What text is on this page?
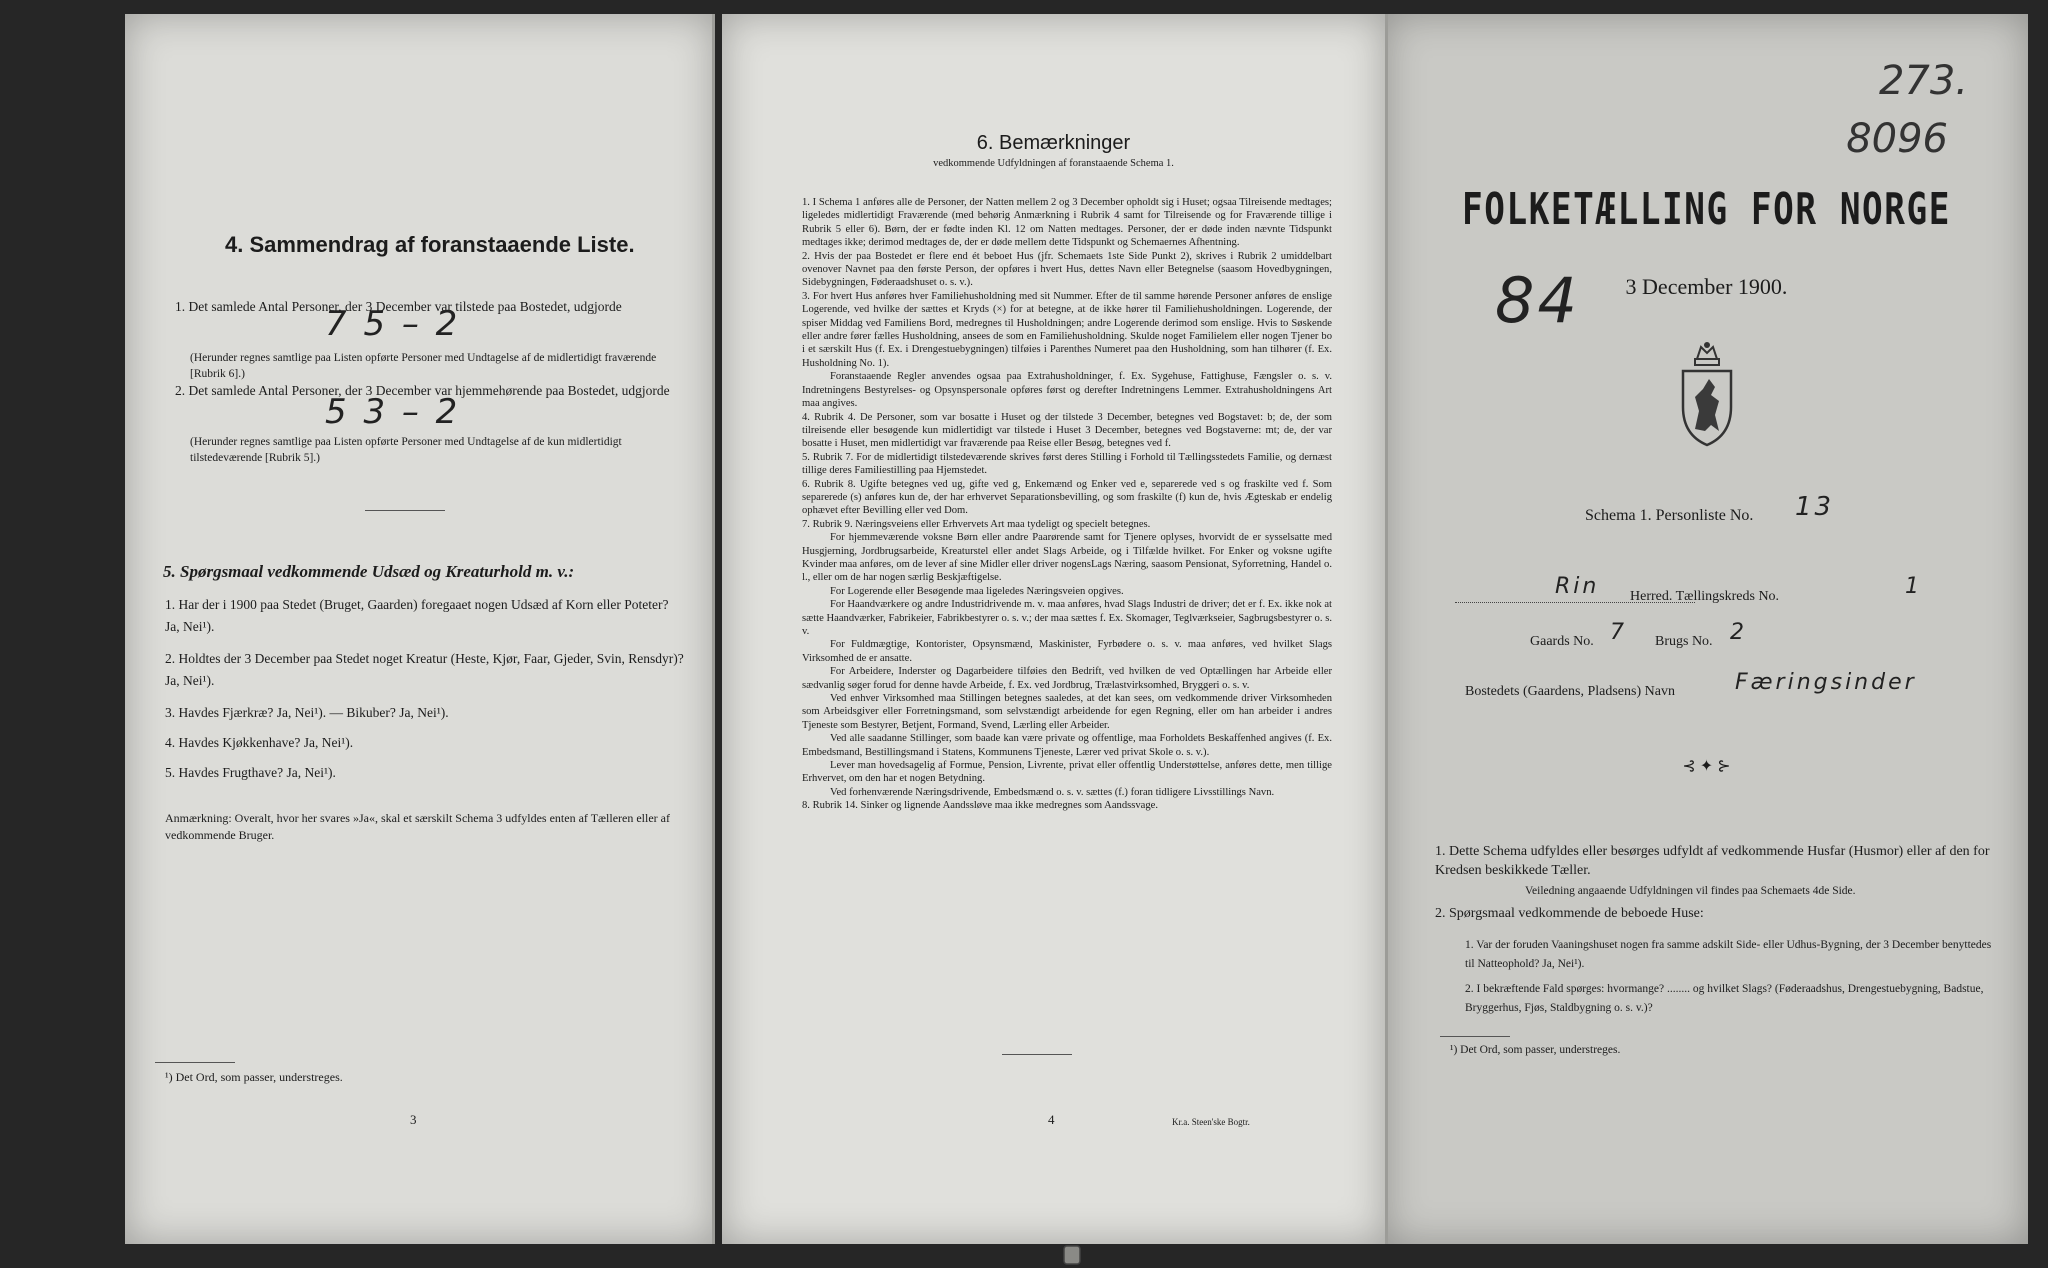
4. Sammendrag af foranstaaende Liste.
1. Det samlede Antal Personer, der 3 December var tilstede paa Bostedet, udgjorde
7 5 – 2
(Herunder regnes samtlige paa Listen opførte Personer med Undtagelse af de midlertidigt fraværende [Rubrik 6].)
2. Det samlede Antal Personer, der 3 December var hjemmehørende paa Bostedet, udgjorde
5 3 – 2
(Herunder regnes samtlige paa Listen opførte Personer med Undtagelse af de kun midlertidigt tilstedeværende [Rubrik 5].)
5. Spørgsmaal vedkommende Udsæd og Kreaturhold m. v.:
1. Har der i 1900 paa Stedet (Bruget, Gaarden) foregaaet nogen Udsæd af Korn eller Poteter? Ja, Nei¹).
2. Holdtes der 3 December paa Stedet noget Kreatur (Heste, Kjør, Faar, Gjeder, Svin, Rensdyr)? Ja, Nei¹).
3. Havdes Fjærkræ? Ja, Nei¹). — Bikuber? Ja, Nei¹).
4. Havdes Kjøkkenhave? Ja, Nei¹).
5. Havdes Frugthave? Ja, Nei¹).
Anmærkning: Overalt, hvor her svares »Ja«, skal et særskilt Schema 3 udfyldes enten af Tælleren eller af vedkommende Bruger.
¹) Det Ord, som passer, understreges.
3
6. Bemærkninger
vedkommende Udfyldningen af foranstaaende Schema 1.

1. I Schema 1 anføres alle de Personer, der Natten mellem 2 og 3 December opholdt sig i Huset; ogsaa Tilreisende medtages; ligeledes midlertidigt Fraværende (med behørig Anmærkning i Rubrik 4 samt for Tilreisende og for Fraværende tillige i Rubrik 5 eller 6). Børn, der er fødte inden Kl. 12 om Natten medtages. Personer, der er døde inden nævnte Tidspunkt medtages ikke; derimod medtages de, der er døde mellem dette Tidspunkt og Schemaernes Afhentning.

2. Hvis der paa Bostedet er flere end ét beboet Hus (jfr. Schemaets 1ste Side Punkt 2), skrives i Rubrik 2 umiddelbart ovenover Navnet paa den første Person, der opføres i hvert Hus, dettes Navn eller Betegnelse (saasom Hovedbygningen, Sidebygningen, Føderaadshuset o. s. v.).

3. For hvert Hus anføres hver Familiehusholdning med sit Nummer. Efter de til samme hørende Personer anføres de enslige Logerende, ved hvilke der sættes et Kryds (×) for at betegne, at de ikke hører til Familiehusholdningen. Logerende, der spiser Middag ved Familiens Bord, medregnes til Husholdningen; andre Logerende derimod som enslige. Hvis to Søskende eller andre fører fælles Husholdning, ansees de som en Familiehusholdning. Skulde noget Familielem eller nogen Tjener bo i et særskilt Hus (f. Ex. i Drengestuebygningen) tilføies i Parenthes Numeret paa den Husholdning, som han tilhører (f. Ex. Husholdning No. 1).

Foranstaaende Regler anvendes ogsaa paa Extrahusholdninger, f. Ex. Sygehuse, Fattighuse, Fængsler o. s. v. Indretningens Bestyrelses- og Opsynspersonale opføres først og derefter Indretningens Lemmer. Extrahusholdningens Art maa angives.

4. Rubrik 4. De Personer, som var bosatte i Huset og der tilstede 3 December, betegnes ved Bogstavet: b; de, der som tilreisende eller besøgende kun midlertidigt var tilstede i Huset 3 December, betegnes ved Bogstaverne: mt; de, der var bosatte i Huset, men midlertidigt var fraværende paa Reise eller Besøg, betegnes ved f.

5. Rubrik 7. For de midlertidigt tilstedeværende skrives først deres Stilling i Forhold til Tællingsstedets Familie, og dernæst tillige deres Familiestilling paa Hjemstedet.

6. Rubrik 8. Ugifte betegnes ved ug, gifte ved g, Enkemænd og Enker ved e, separerede ved s og fraskilte ved f. Som separerede (s) anføres kun de, der har erhvervet Separationsbevilling, og som fraskilte (f) kun de, hvis Ægteskab er endelig ophævet efter Bevilling eller ved Dom.

7. Rubrik 9. Næringsveiens eller Erhvervets Art maa tydeligt og specielt betegnes.

For hjemmeværende voksne Børn eller andre Paarørende samt for Tjenere oplyses, hvorvidt de er sysselsatte med Husgjerning, Jordbrugsarbeide, Kreaturstel eller andet Slags Arbeide, og i Tilfælde hvilket. For Enker og voksne ugifte Kvinder maa anføres, om de lever af sine Midler eller driver nogensLags Næring, saasom Pensionat, Syforretning, Handel o. l., eller om de har nogen særlig Beskjæftigelse.

For Logerende eller Besøgende maa ligeledes Næringsveien opgives.

For Haandværkere og andre Industridrivende m. v. maa anføres, hvad Slags Industri de driver; det er f. Ex. ikke nok at sætte Haandværker, Fabrikeier, Fabrikbestyrer o. s. v.; der maa sættes f. Ex. Skomager, Teglværkseier, Sagbrugsbestyrer o. s. v.

For Fuldmægtige, Kontorister, Opsynsmænd, Maskinister, Fyrbødere o. s. v. maa anføres, ved hvilket Slags Virksomhed de er ansatte.

For Arbeidere, Inderster og Dagarbeidere tilføies den Bedrift, ved hvilken de ved Optællingen har Arbeide eller sædvanlig søger forud for denne havde Arbeide, f. Ex. ved Jordbrug, Trælastvirksomhed, Bryggeri o. s. v.

Ved enhver Virksomhed maa Stillingen betegnes saaledes, at det kan sees, om vedkommende driver Virksomheden som Arbeidsgiver eller Forretningsmand, som selvstændigt arbeidende for egen Regning, eller om han arbeider i andres Tjeneste som Bestyrer, Betjent, Formand, Svend, Lærling eller Arbeider.

Ved alle saadanne Stillinger, som baade kan være private og offentlige, maa Forholdets Beskaffenhed angives (f. Ex. Embedsmand, Bestillingsmand i Statens, Kommunens Tjeneste, Lærer ved privat Skole o. s. v.).

Lever man hovedsagelig af Formue, Pension, Livrente, privat eller offentlig Understøttelse, anføres dette, men tillige Erhvervet, om den har et nogen Betydning.

Ved forhenværende Næringsdrivende, Embedsmænd o. s. v. sættes (f.) foran tidligere Livsstillings Navn.

8. Rubrik 14. Sinker og lignende Aandssløve maa ikke medregnes som Aandssvage.

4	Kr.a. Steen'ske Bogtr.
273.
8096
FOLKETÆLLING FOR NORGE
84	3 December 1900.
Schema 1. Personliste No. 13
Rin Herred. Tællingskreds No.	1
Gaards No. 7 Brugs No. 2
Bostedets (Gaardens, Pladsens) Navn	Færingsinder
⊰ ✦ ⊱
1. Dette Schema udfyldes eller besørges udfyldt af vedkommende Husfar (Husmor) eller af den for Kredsen beskikkede Tæller.
Veiledning angaaende Udfyldningen vil findes paa Schemaets 4de Side.
2. Spørgsmaal vedkommende de beboede Huse:
1. Var der foruden Vaaningshuset nogen fra samme adskilt Side- eller Udhus-Bygning, der 3 December benyttedes til Natteophold? Ja, Nei¹).
2. I bekræftende Fald spørges: hvormange? ........ og hvilket Slags? (Føderaadshus, Drengestuebygning, Badstue, Bryggerhus, Fjøs, Staldbygning o. s. v.)?
¹) Det Ord, som passer, understreges.
